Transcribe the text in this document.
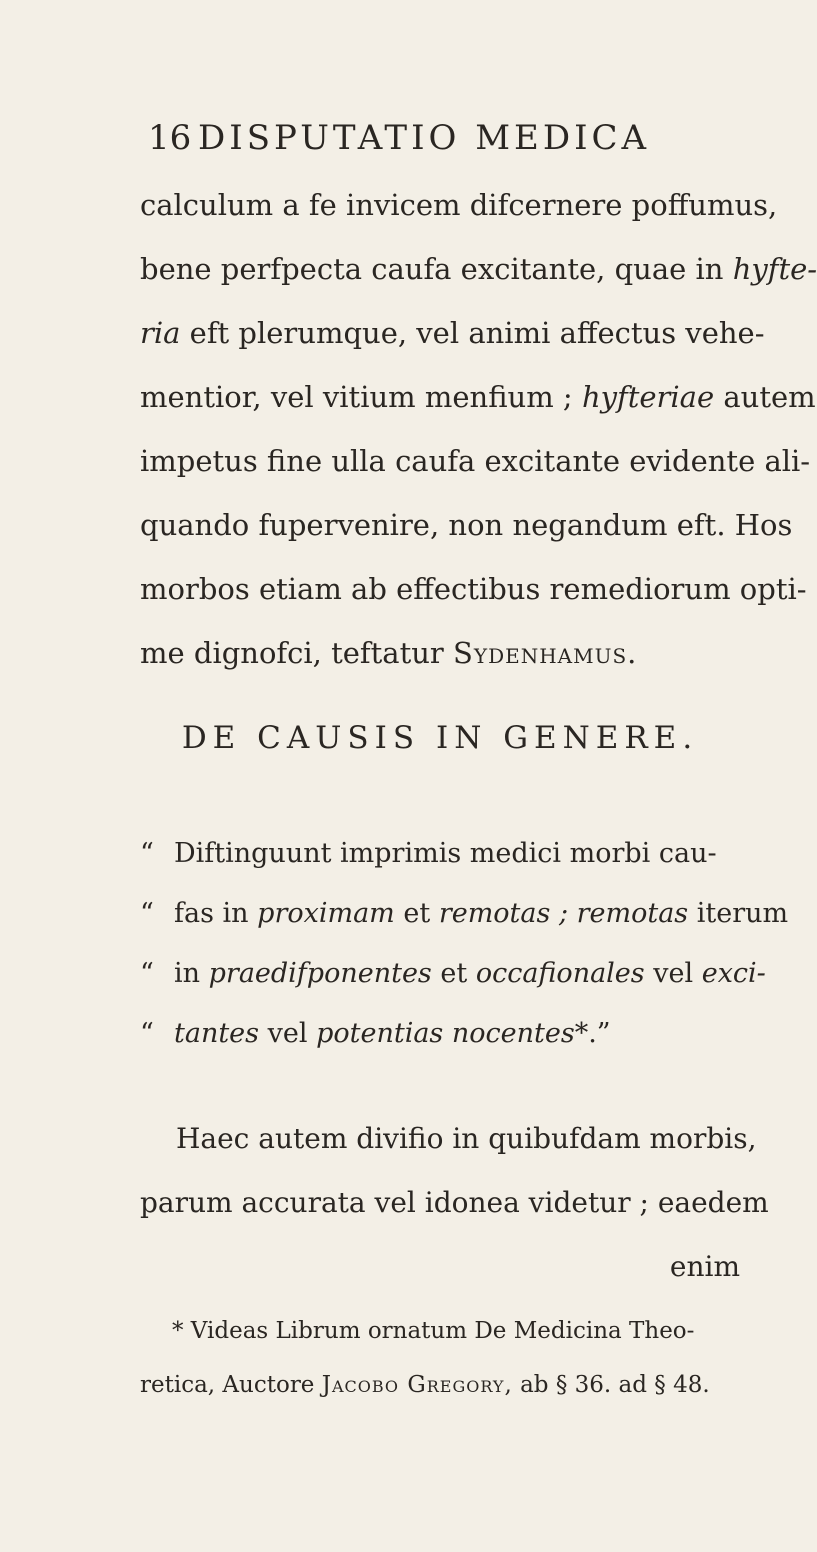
16 DISPUTATIO MEDICA
calculum a fe invicem difcernere poffumus,
bene perfpecta caufa excitante, quae in hyfte-
ria eft plerumque, vel animi affectus vehe-
mentior, vel vitium menfium ; hyfteriae autem
impetus fine ulla caufa excitante evidente ali-
quando fupervenire, non negandum eft. Hos
morbos etiam ab effectibus remediorum opti-
me dignofci, teftatur Sydenhamus.
DE CAUSIS IN GENERE.
“ Diftinguunt imprimis medici morbi cau-
“ fas in proximam et remotas ; remotas iterum
“ in praedifponentes et occafionales vel exci-
“ tantes vel potentias nocentes*.”
Haec autem divifio in quibufdam morbis,
parum accurata vel idonea videtur ; eaedem
enim
* Videas Librum ornatum De Medicina Theo-
retica, Auctore Jacobo Gregory, ab § 36. ad § 48.
